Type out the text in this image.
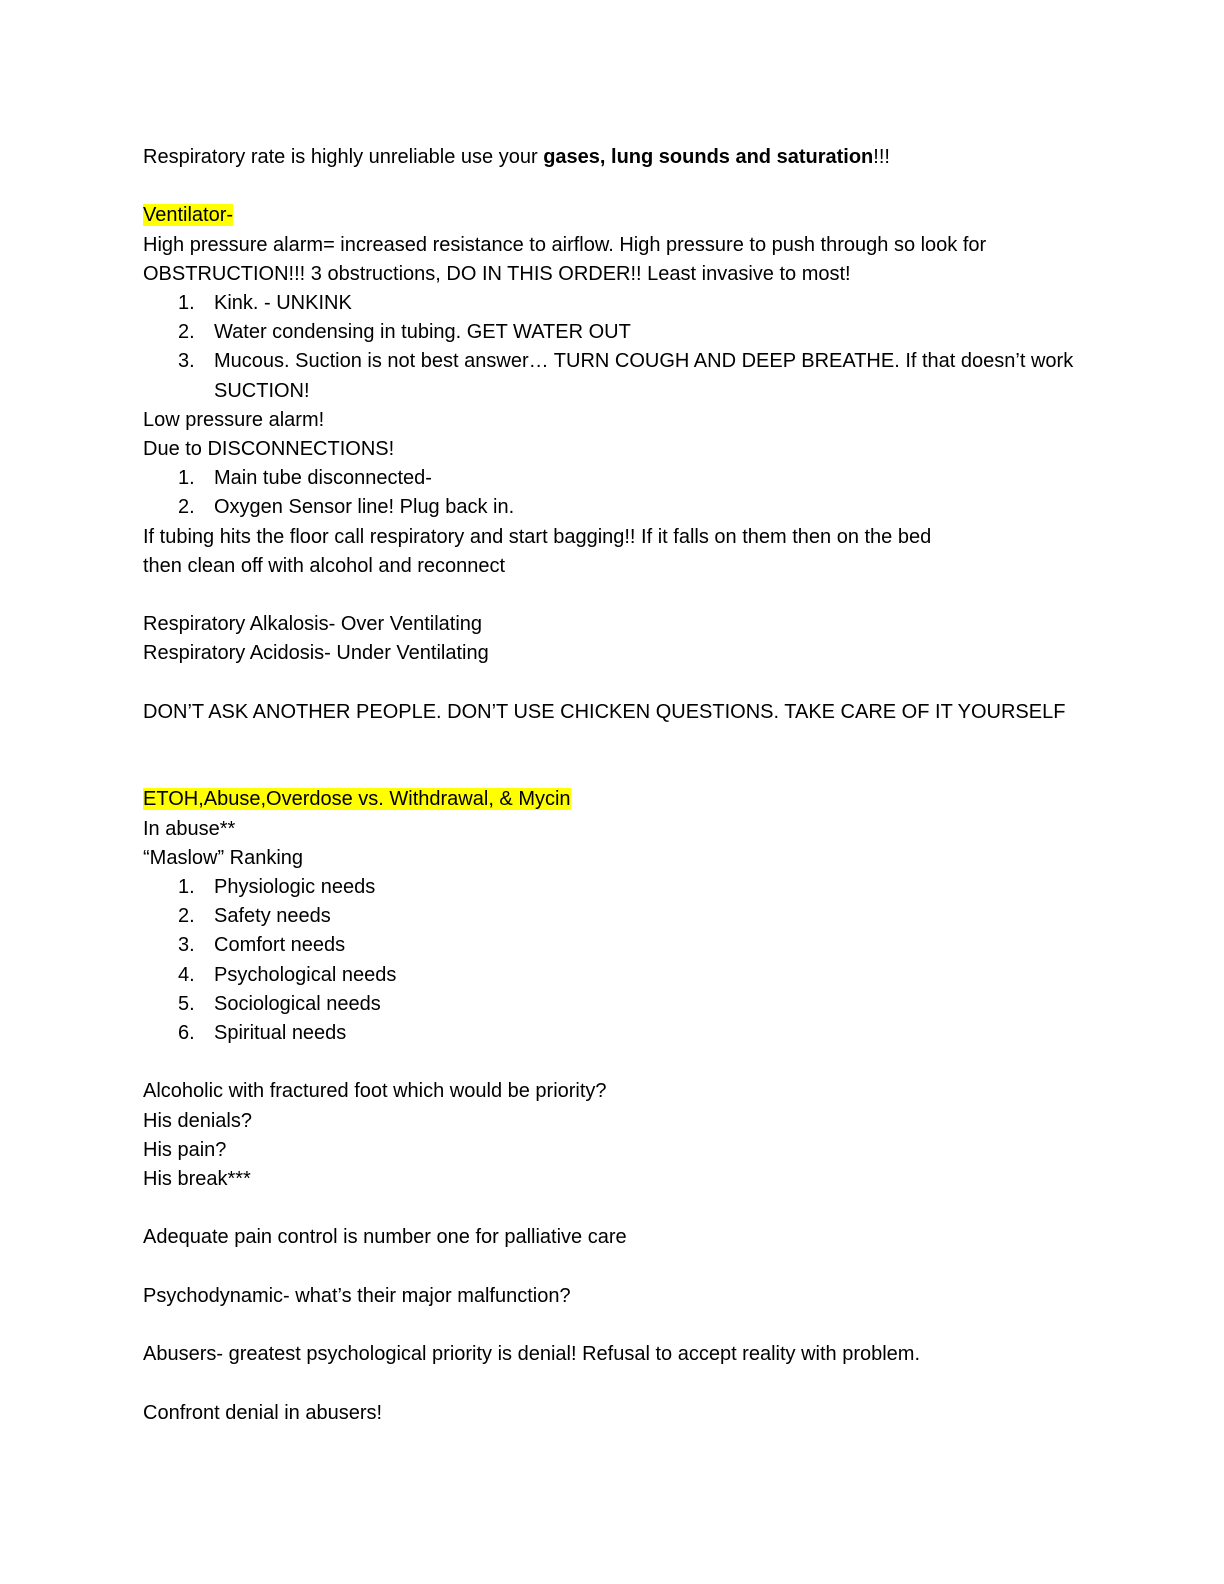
Respiratory rate is highly unreliable use your gases, lung sounds and saturation!!!

Ventilator-

High pressure alarm= increased resistance to airflow. High pressure to push through so look for

OBSTRUCTION!!! 3 obstructions, DO IN THIS ORDER!! Least invasive to most!

1. Kink. - UNKINK
2. Water condensing in tubing. GET WATER OUT
3. Mucous. Suction is not best answer… TURN COUGH AND DEEP BREATHE. If that doesn’t work SUCTION!

Low pressure alarm!

Due to DISCONNECTIONS!

1. Main tube disconnected-
2. Oxygen Sensor line! Plug back in.

If tubing hits the floor call respiratory and start bagging!! If it falls on them then on the bed

then clean off with alcohol and reconnect

Respiratory Alkalosis- Over Ventilating

Respiratory Acidosis- Under Ventilating

DON’T ASK ANOTHER PEOPLE. DON’T USE CHICKEN QUESTIONS. TAKE CARE OF IT YOURSELF

ETOH,Abuse,Overdose vs. Withdrawal, & Mycin

In abuse**

“Maslow” Ranking

1. Physiologic needs
2. Safety needs
3. Comfort needs
4. Psychological needs
5. Sociological needs
6. Spiritual needs

Alcoholic with fractured foot which would be priority?

His denials?

His pain?

His break***

Adequate pain control is number one for palliative care

Psychodynamic- what’s their major malfunction?

Abusers- greatest psychological priority is denial! Refusal to accept reality with problem.

Confront denial in abusers!
